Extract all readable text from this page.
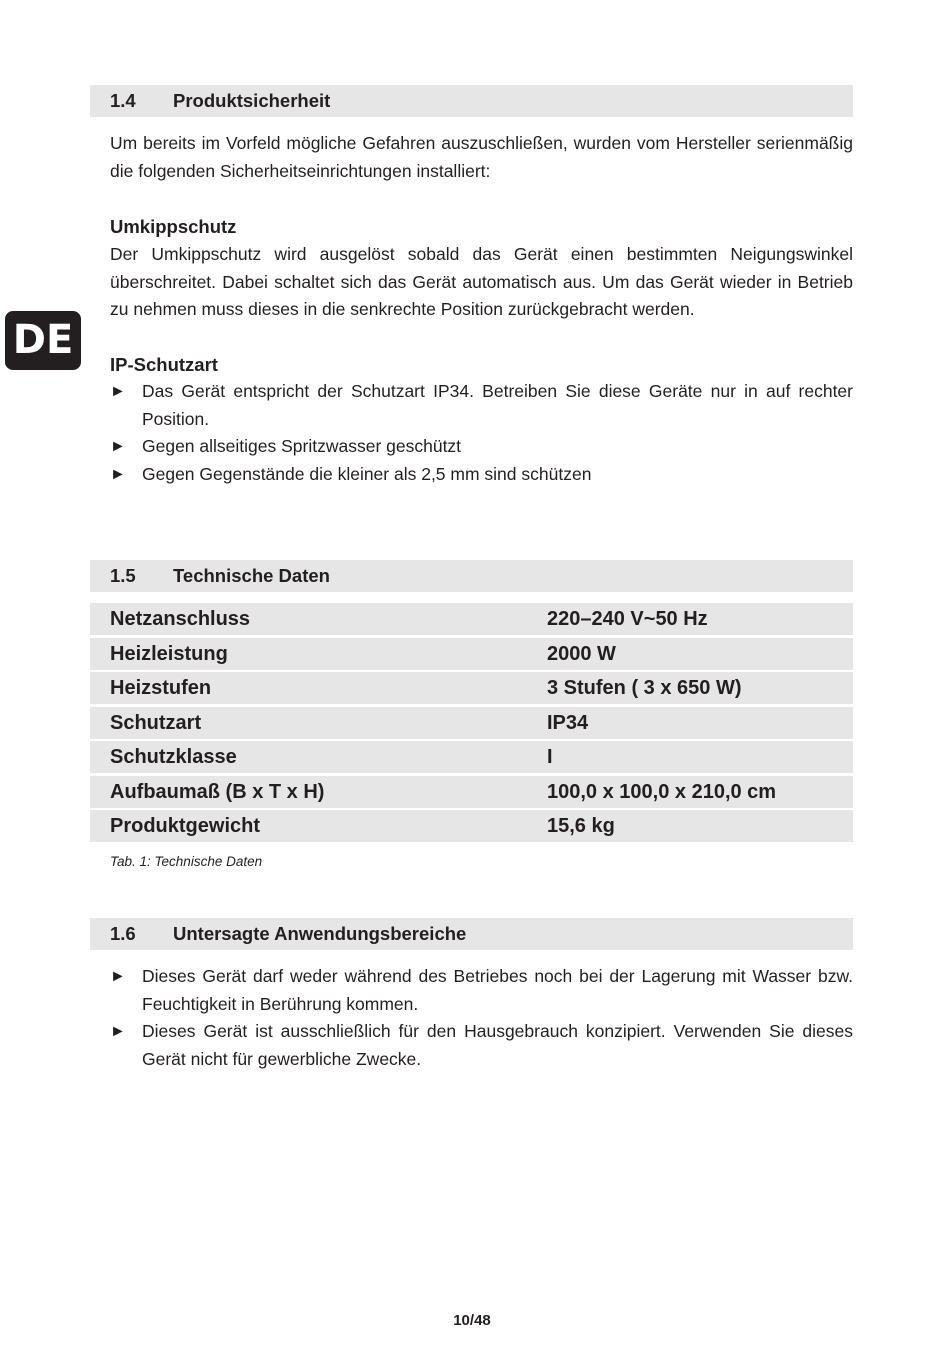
DE
1.4 Produktsicherheit

Um bereits im Vorfeld mögliche Gefahren auszuschließen, wurden vom Hersteller serienmäßig die folgenden Sicherheitseinrichtungen installiert:

Umkippschutz

Der Umkippschutz wird ausgelöst sobald das Gerät einen bestimmten Neigungswinkel überschreitet. Dabei schaltet sich das Gerät automatisch aus. Um das Gerät wieder in Betrieb zu nehmen muss dieses in die senkrechte Position zurückgebracht werden.

IP-Schutzart
► Das Gerät entspricht der Schutzart IP34. Betreiben Sie diese Geräte nur in auf rechter Position.
► Gegen allseitiges Spritzwasser geschützt
► Gegen Gegenstände die kleiner als 2,5 mm sind schützen
1.5 Technische Daten
Netzanschluss	220–240 V~50 Hz
Heizleistung	2000 W
Heizstufen	3 Stufen ( 3 x 650 W)
Schutzart	IP34
Schutzklasse	I
Aufbaumaß (B x T x H)	100,0 x 100,0 x 210,0 cm
Produktgewicht	15,6 kg
Tab. 1: Technische Daten
1.6 Untersagte Anwendungsbereiche
► Dieses Gerät darf weder während des Betriebes noch bei der Lagerung mit Wasser bzw. Feuchtigkeit in Berührung kommen.
► Dieses Gerät ist ausschließlich für den Hausgebrauch konzipiert. Verwenden Sie dieses Gerät nicht für gewerbliche Zwecke.
10/48
